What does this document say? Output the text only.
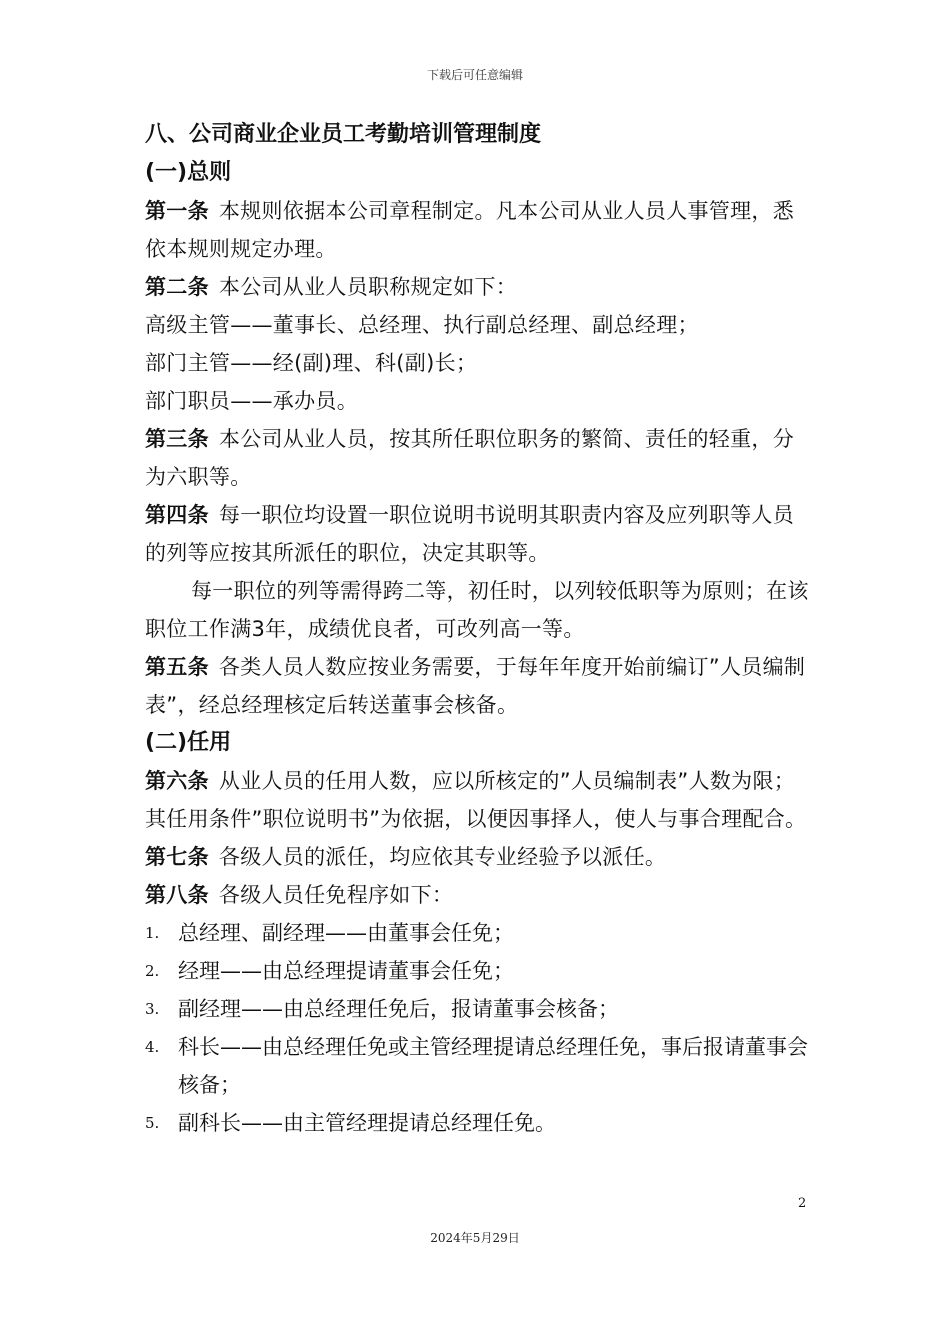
下载后可任意编辑

八、公司商业企业员工考勤培训管理制度

(一)总则

第一条 本规则依据本公司章程制定。凡本公司从业人员人事管理，悉依本规则规定办理。

第二条 本公司从业人员职称规定如下：

高级主管——董事长、总经理、执行副总经理、副总经理；

部门主管——经(副)理、科(副)长；

部门职员——承办员。

第三条 本公司从业人员，按其所任职位职务的繁简、责任的轻重，分为六职等。

第四条 每一职位均设置一职位说明书说明其职责内容及应列职等人员的列等应按其所派任的职位，决定其职等。

每一职位的列等需得跨二等，初任时，以列较低职等为原则；在该职位工作满3年，成绩优良者，可改列高一等。

第五条 各类人员人数应按业务需要，于每年年度开始前编订”人员编制表”，经总经理核定后转送董事会核备。

(二)任用

第六条 从业人员的任用人数，应以所核定的”人员编制表”人数为限；其任用条件”职位说明书”为依据，以便因事择人，使人与事合理配合。

第七条 各级人员的派任，均应依其专业经验予以派任。

第八条 各级人员任免程序如下：

1. 总经理、副经理——由董事会任免；
2. 经理——由总经理提请董事会任免；
3. 副经理——由总经理任免后，报请董事会核备；
4. 科长——由总经理任免或主管经理提请总经理任免，事后报请董事会核备；
5. 副科长——由主管经理提请总经理任免。
2
2024年5月29日
